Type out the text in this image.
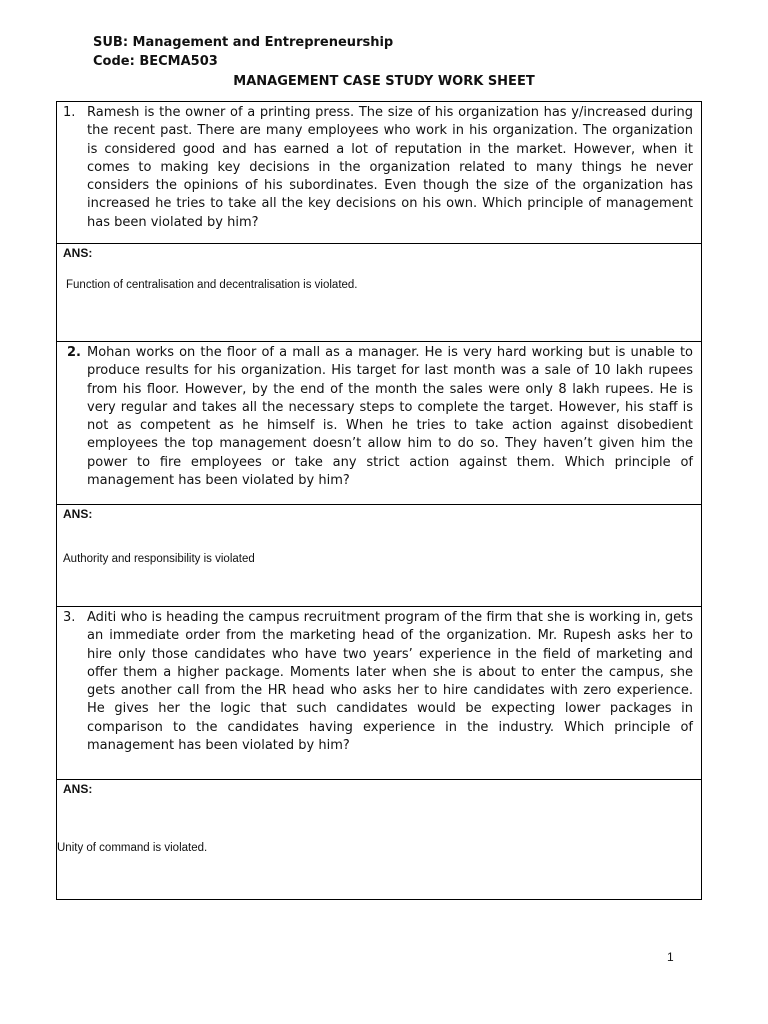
SUB: Management and Entrepreneurship
Code: BECMA503
MANAGEMENT CASE STUDY WORK SHEET
1. Ramesh is the owner of a printing press. The size of his organization has y/increased during the recent past. There are many employees who work in his organization. The organization is considered good and has earned a lot of reputation in the market. However, when it comes to making key decisions in the organization related to many things he never considers the opinions of his subordinates. Even though the size of the organization has increased he tries to take all the key decisions on his own. Which principle of management has been violated by him?
ANS:
Function of centralisation and decentralisation is violated.
2. Mohan works on the floor of a mall as a manager. He is very hard working but is unable to produce results for his organization. His target for last month was a sale of 10 lakh rupees from his floor. However, by the end of the month the sales were only 8 lakh rupees. He is very regular and takes all the necessary steps to complete the target. However, his staff is not as competent as he himself is. When he tries to take action against disobedient employees the top management doesn’t allow him to do so. They haven’t given him the power to fire employees or take any strict action against them. Which principle of management has been violated by him?
ANS:
Authority and responsibility is violated
3. Aditi who is heading the campus recruitment program of the firm that she is working in, gets an immediate order from the marketing head of the organization. Mr. Rupesh asks her to hire only those candidates who have two years’ experience in the field of marketing and offer them a higher package. Moments later when she is about to enter the campus, she gets another call from the HR head who asks her to hire candidates with zero experience. He gives her the logic that such candidates would be expecting lower packages in comparison to the candidates having experience in the industry. Which principle of management has been violated by him?
ANS:
Unity of command is violated.
1
